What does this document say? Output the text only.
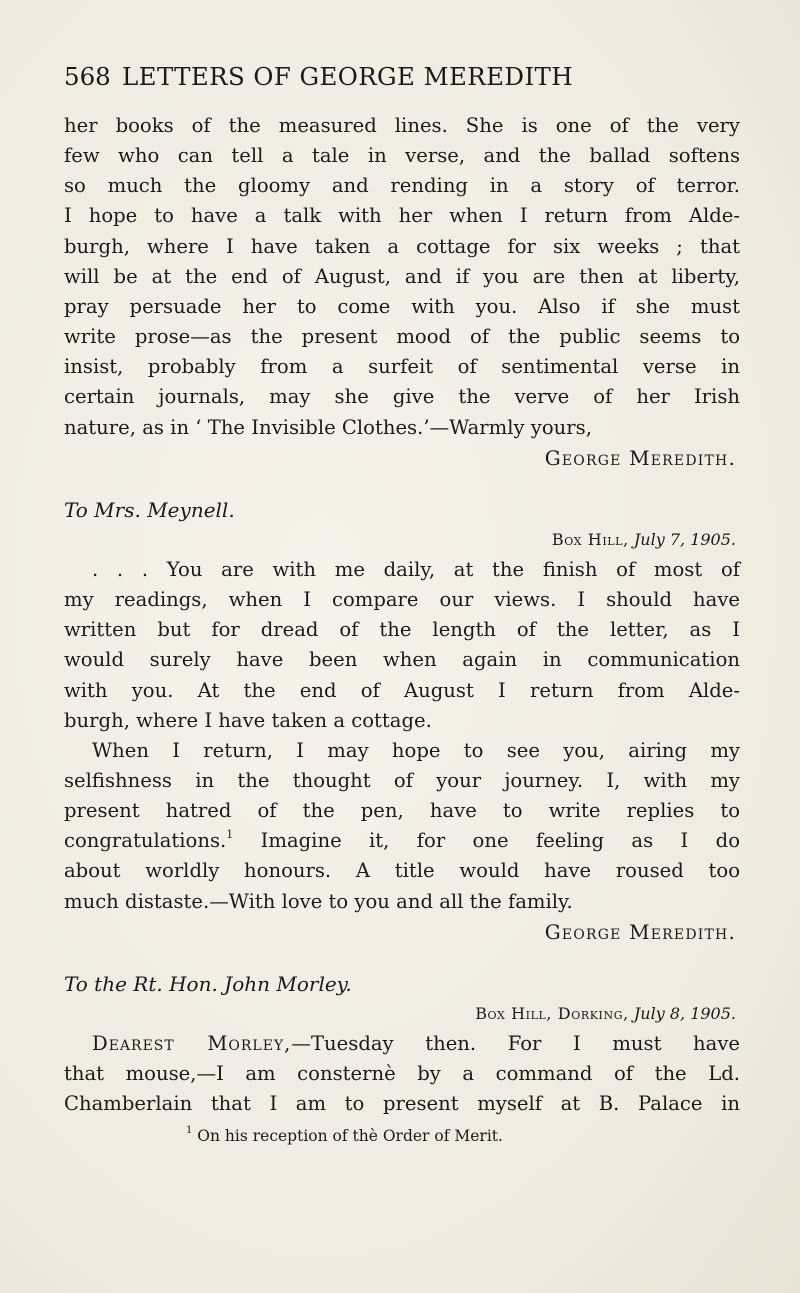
568 LETTERS OF GEORGE MEREDITH
her books of the measured lines. She is one of the very
few who can tell a tale in verse, and the ballad softens
so much the gloomy and rending in a story of terror.
I hope to have a talk with her when I return from Alde-
burgh, where I have taken a cottage for six weeks ; that
will be at the end of August, and if you are then at liberty,
pray persuade her to come with you. Also if she must
write prose—as the present mood of the public seems to
insist, probably from a surfeit of sentimental verse in
certain journals, may she give the verve of her Irish
nature, as in ‘ The Invisible Clothes.’—Warmly yours,
George Meredith.
To Mrs. Meynell.
Box Hill, July 7, 1905.
. . . You are with me daily, at the finish of most of
my readings, when I compare our views. I should have
written but for dread of the length of the letter, as I
would surely have been when again in communication
with you. At the end of August I return from Alde-
burgh, where I have taken a cottage.
When I return, I may hope to see you, airing my
selfishness in the thought of your journey. I, with my
present hatred of the pen, have to write replies to
congratulations.$^1$ Imagine it, for one feeling as I do
about worldly honours. A title would have roused too
much distaste.—With love to you and all the family.
George Meredith.
To the Rt. Hon. John Morley.
Box Hill, Dorking, July 8, 1905.
Dearest Morley,—Tuesday then. For I must have
that mouse,—I am consternè by a command of the Ld.
Chamberlain that I am to present myself at B. Palace in
$^1$ On his reception of thè Order of Merit.
